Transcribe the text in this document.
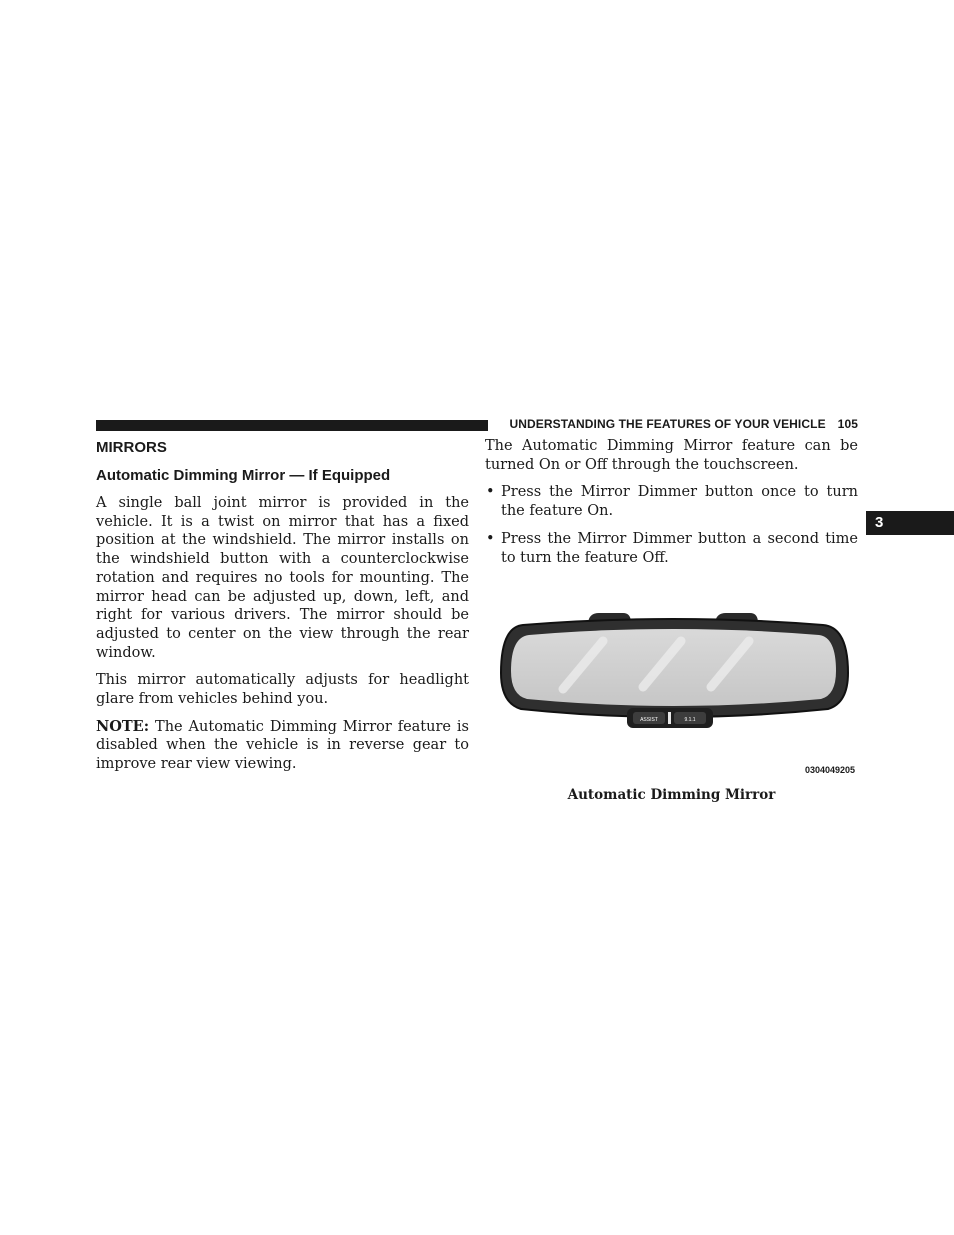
UNDERSTANDING THE FEATURES OF YOUR VEHICLE 105
3
MIRRORS
Automatic Dimming Mirror — If Equipped

A single ball joint mirror is provided in the vehicle. It is a twist on mirror that has a fixed position at the windshield. The mirror installs on the windshield button with a counterclockwise rotation and requires no tools for mounting. The mirror head can be adjusted up, down, left, and right for various drivers. The mirror should be adjusted to center on the view through the rear window.

This mirror automatically adjusts for headlight glare from vehicles behind you.

NOTE: The Automatic Dimming Mirror feature is disabled when the vehicle is in reverse gear to improve rear view viewing.

The Automatic Dimming Mirror feature can be turned On or Off through the touchscreen.

• Press the Mirror Dimmer button once to turn the feature On.
• Press the Mirror Dimmer button a second time to turn the feature Off.
ASSIST	9.1.1
0304049205
Automatic Dimming Mirror
